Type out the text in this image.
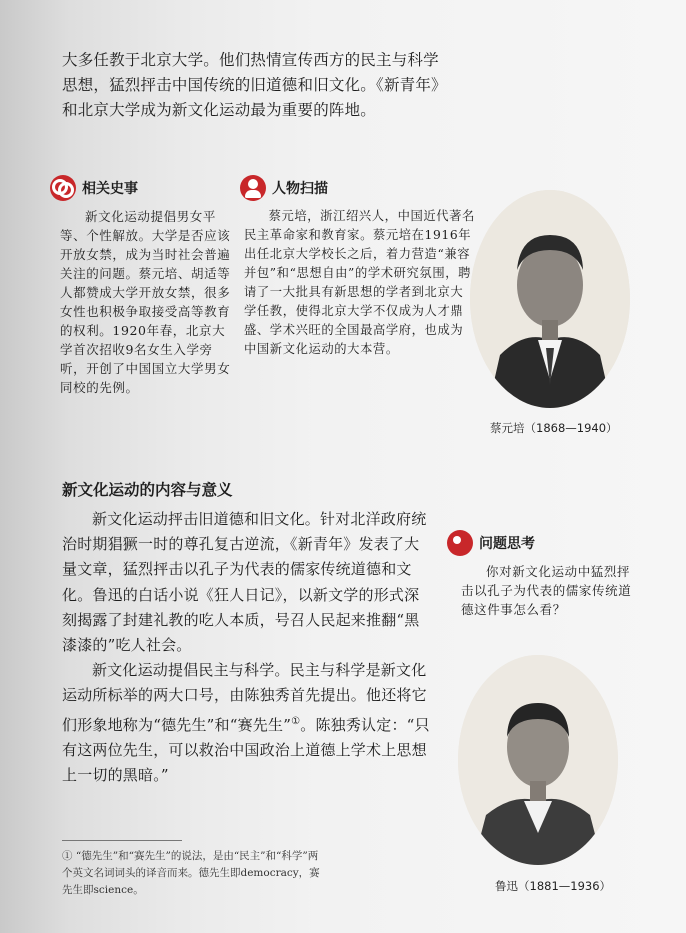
大多任教于北京大学。他们热情宣传西方的民主与科学思想，猛烈抨击中国传统的旧道德和旧文化。《新青年》和北京大学成为新文化运动最为重要的阵地。

相关史事

新文化运动提倡男女平等、个性解放。大学是否应该开放女禁，成为当时社会普遍关注的问题。蔡元培、胡适等人都赞成大学开放女禁，很多女性也积极争取接受高等教育的权利。1920年春，北京大学首次招收9名女生入学旁听，开创了中国国立大学男女同校的先例。

人物扫描

蔡元培，浙江绍兴人，中国近代著名民主革命家和教育家。蔡元培在1916年出任北京大学校长之后，着力营造“兼容并包”和“思想自由”的学术研究氛围，聘请了一大批具有新思想的学者到北京大学任教，使得北京大学不仅成为人才鼎盛、学术兴旺的全国最高学府，也成为中国新文化运动的大本营。

蔡元培（1868—1940）
新文化运动的内容与意义

新文化运动抨击旧道德和旧文化。针对北洋政府统治时期猖獗一时的尊孔复古逆流，《新青年》发表了大量文章，猛烈抨击以孔子为代表的儒家传统道德和文化。鲁迅的白话小说《狂人日记》，以新文学的形式深刻揭露了封建礼教的吃人本质，号召人民起来推翻“黑漆漆的”吃人社会。

新文化运动提倡民主与科学。民主与科学是新文化运动所标举的两大口号，由陈独秀首先提出。他还将它们形象地称为“德先生”和“赛先生”①。陈独秀认定：“只有这两位先生，可以救治中国政治上道德上学术上思想上一切的黑暗。”

问题思考

你对新文化运动中猛烈抨击以孔子为代表的儒家传统道德这件事怎么看？

鲁迅（1881—1936）
① “德先生”和“赛先生”的说法，是由“民主”和“科学”两个英文名词词头的译音而来。德先生即democracy，赛先生即science。
